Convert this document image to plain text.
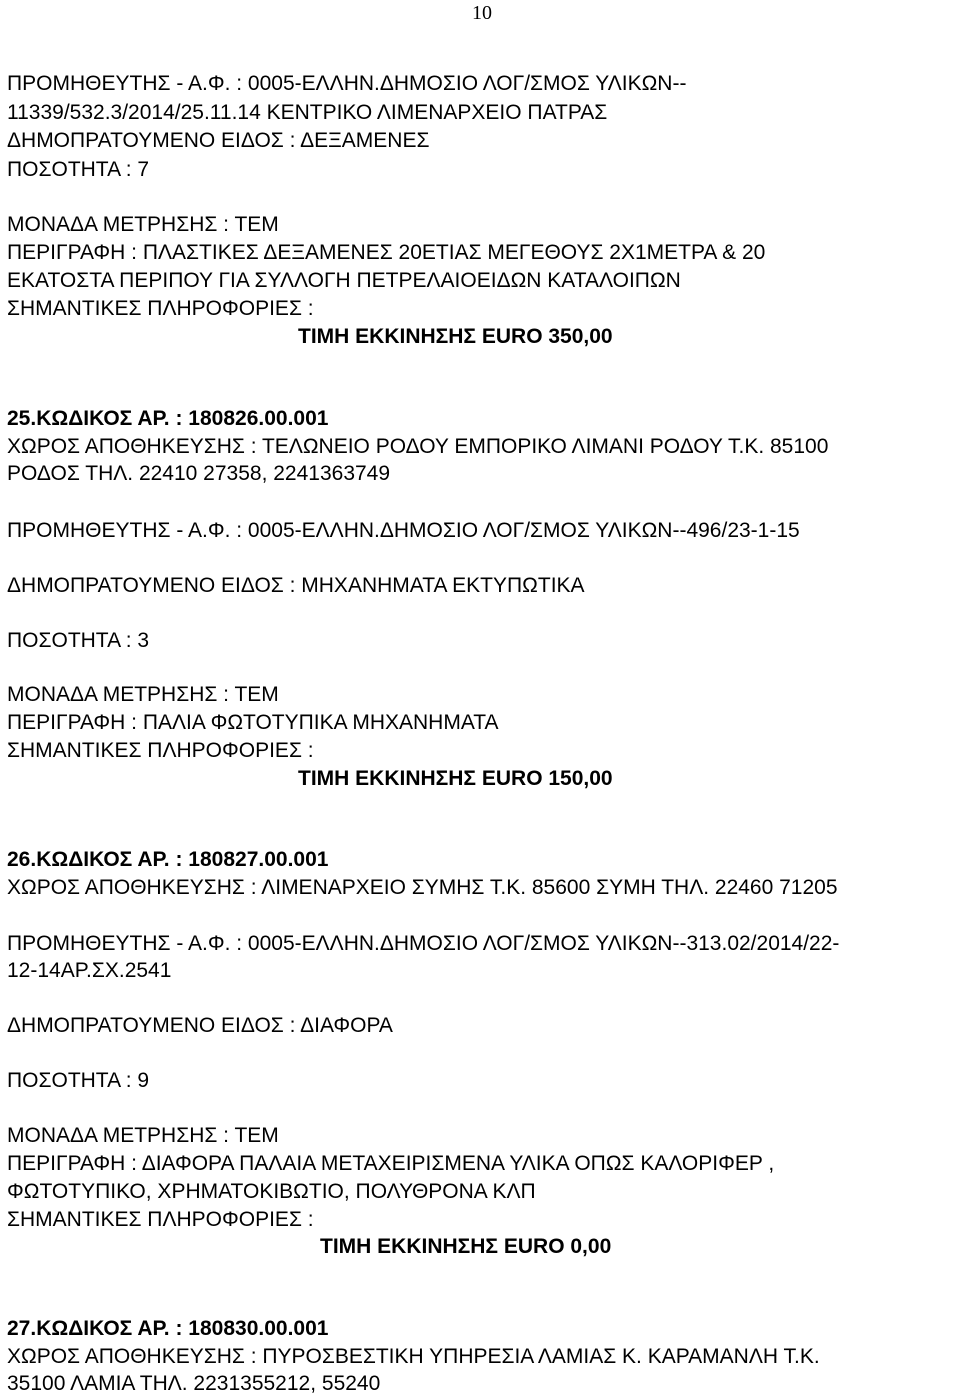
10
ΠΡΟΜΗΘΕΥΤΗΣ - Α.Φ. : 0005-ΕΛΛΗΝ.ΔΗΜΟΣΙΟ ΛΟΓ/ΣΜΟΣ ΥΛΙΚΩΝ--
11339/532.3/2014/25.11.14 ΚΕΝΤΡΙΚΟ ΛΙΜΕΝΑΡΧΕΙΟ ΠΑΤΡΑΣ
ΔΗΜΟΠΡΑΤΟΥΜΕΝΟ ΕΙΔΟΣ : ΔΕΞΑΜΕΝΕΣ
ΠΟΣΟΤΗΤΑ : 7
ΜΟΝΑΔΑ ΜΕΤΡΗΣΗΣ : ΤΕΜ
ΠΕΡΙΓΡΑΦΗ : ΠΛΑΣΤΙΚΕΣ ΔΕΞΑΜΕΝΕΣ 20ΕΤΙΑΣ ΜΕΓΕΘΟΥΣ 2Χ1ΜΕΤΡΑ & 20
ΕΚΑΤΟΣΤΑ ΠΕΡΙΠΟΥ ΓΙΑ ΣΥΛΛΟΓΗ ΠΕΤΡΕΛΑΙΟΕΙΔΩΝ ΚΑΤΑΛΟΙΠΩΝ
ΣΗΜΑΝΤΙΚΕΣ ΠΛΗΡΟΦΟΡΙΕΣ :
ΤΙΜΗ ΕΚΚΙΝΗΣΗΣ EURO 350,00
25.ΚΩΔΙΚΟΣ ΑΡ. : 180826.00.001
ΧΩΡΟΣ ΑΠΟΘΗΚΕΥΣΗΣ : ΤΕΛΩΝΕΙΟ ΡΟΔΟΥ ΕΜΠΟΡΙΚΟ ΛΙΜΑΝΙ ΡΟΔΟΥ Τ.Κ. 85100
ΡΟΔΟΣ ΤΗΛ. 22410 27358, 2241363749
ΠΡΟΜΗΘΕΥΤΗΣ - Α.Φ. : 0005-ΕΛΛΗΝ.ΔΗΜΟΣΙΟ ΛΟΓ/ΣΜΟΣ ΥΛΙΚΩΝ--496/23-1-15
ΔΗΜΟΠΡΑΤΟΥΜΕΝΟ ΕΙΔΟΣ : ΜΗΧΑΝΗΜΑΤΑ ΕΚΤΥΠΩΤΙΚΑ
ΠΟΣΟΤΗΤΑ : 3
ΜΟΝΑΔΑ ΜΕΤΡΗΣΗΣ : ΤΕΜ
ΠΕΡΙΓΡΑΦΗ : ΠΑΛΙΑ ΦΩΤΟΤΥΠΙΚΑ ΜΗΧΑΝΗΜΑΤΑ
ΣΗΜΑΝΤΙΚΕΣ ΠΛΗΡΟΦΟΡΙΕΣ :
ΤΙΜΗ ΕΚΚΙΝΗΣΗΣ EURO 150,00
26.ΚΩΔΙΚΟΣ ΑΡ. : 180827.00.001
ΧΩΡΟΣ ΑΠΟΘΗΚΕΥΣΗΣ : ΛΙΜΕΝΑΡΧΕΙΟ ΣΥΜΗΣ Τ.Κ. 85600 ΣΥΜΗ ΤΗΛ. 22460 71205
ΠΡΟΜΗΘΕΥΤΗΣ - Α.Φ. : 0005-ΕΛΛΗΝ.ΔΗΜΟΣΙΟ ΛΟΓ/ΣΜΟΣ ΥΛΙΚΩΝ--313.02/2014/22-
12-14ΑΡ.ΣΧ.2541
ΔΗΜΟΠΡΑΤΟΥΜΕΝΟ ΕΙΔΟΣ : ΔΙΑΦΟΡΑ
ΠΟΣΟΤΗΤΑ : 9
ΜΟΝΑΔΑ ΜΕΤΡΗΣΗΣ : ΤΕΜ
ΠΕΡΙΓΡΑΦΗ : ΔΙΑΦΟΡΑ ΠΑΛΑΙΑ ΜΕΤΑΧΕΙΡΙΣΜΕΝΑ ΥΛΙΚΑ ΟΠΩΣ ΚΑΛΟΡΙΦΕΡ ,
ΦΩΤΟΤΥΠΙΚΟ, ΧΡΗΜΑΤΟΚΙΒΩΤΙΟ, ΠΟΛΥΘΡΟΝΑ ΚΛΠ
ΣΗΜΑΝΤΙΚΕΣ ΠΛΗΡΟΦΟΡΙΕΣ :
ΤΙΜΗ ΕΚΚΙΝΗΣΗΣ EURO 0,00
27.ΚΩΔΙΚΟΣ ΑΡ. : 180830.00.001
ΧΩΡΟΣ ΑΠΟΘΗΚΕΥΣΗΣ : ΠΥΡΟΣΒΕΣΤΙΚΗ ΥΠΗΡΕΣΙΑ ΛΑΜΙΑΣ Κ. ΚΑΡΑΜΑΝΛΗ Τ.Κ.
35100 ΛΑΜΙΑ ΤΗΛ. 2231355212, 55240
